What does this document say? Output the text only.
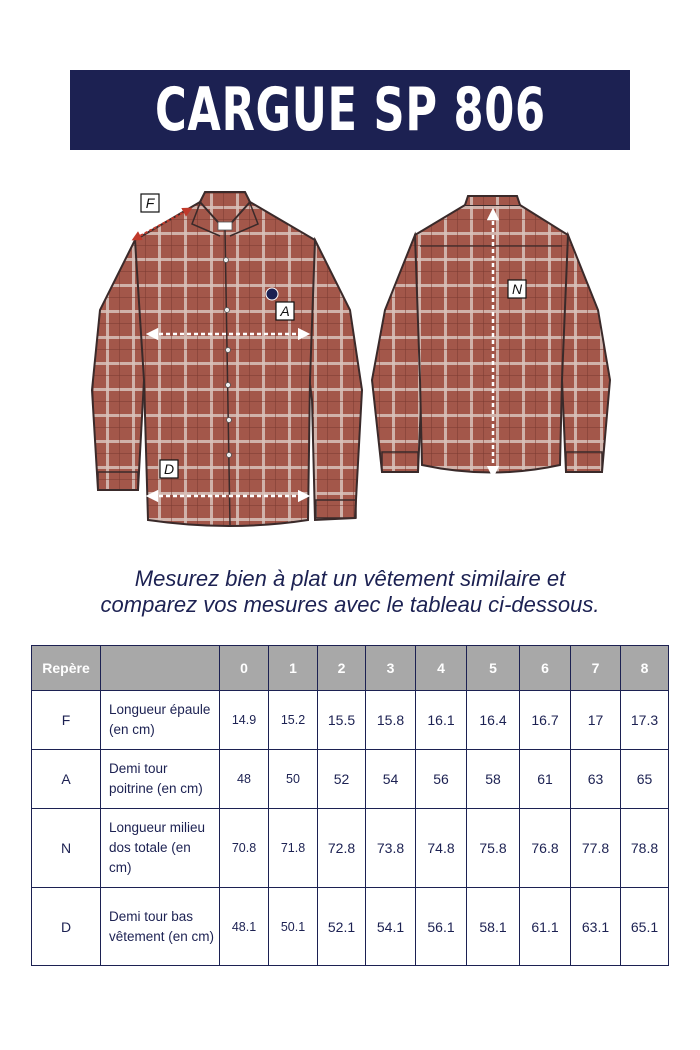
CARGUE SP 806
F
A
D
N
Mesurez bien à plat un vêtement similaire et
comparez vos mesures avec le tableau ci-dessous.
Repère		0	1	2	3	4	5	6	7	8
F	Longueur épaule (en cm)	14.9	15.2	15.5	15.8	16.1	16.4	16.7	17	17.3
A	Demi tour poitrine (en cm)	48	50	52	54	56	58	61	63	65
N	Longueur milieu dos totale (en cm)	70.8	71.8	72.8	73.8	74.8	75.8	76.8	77.8	78.8
D	Demi tour bas vêtement (en cm)	48.1	50.1	52.1	54.1	56.1	58.1	61.1	63.1	65.1
